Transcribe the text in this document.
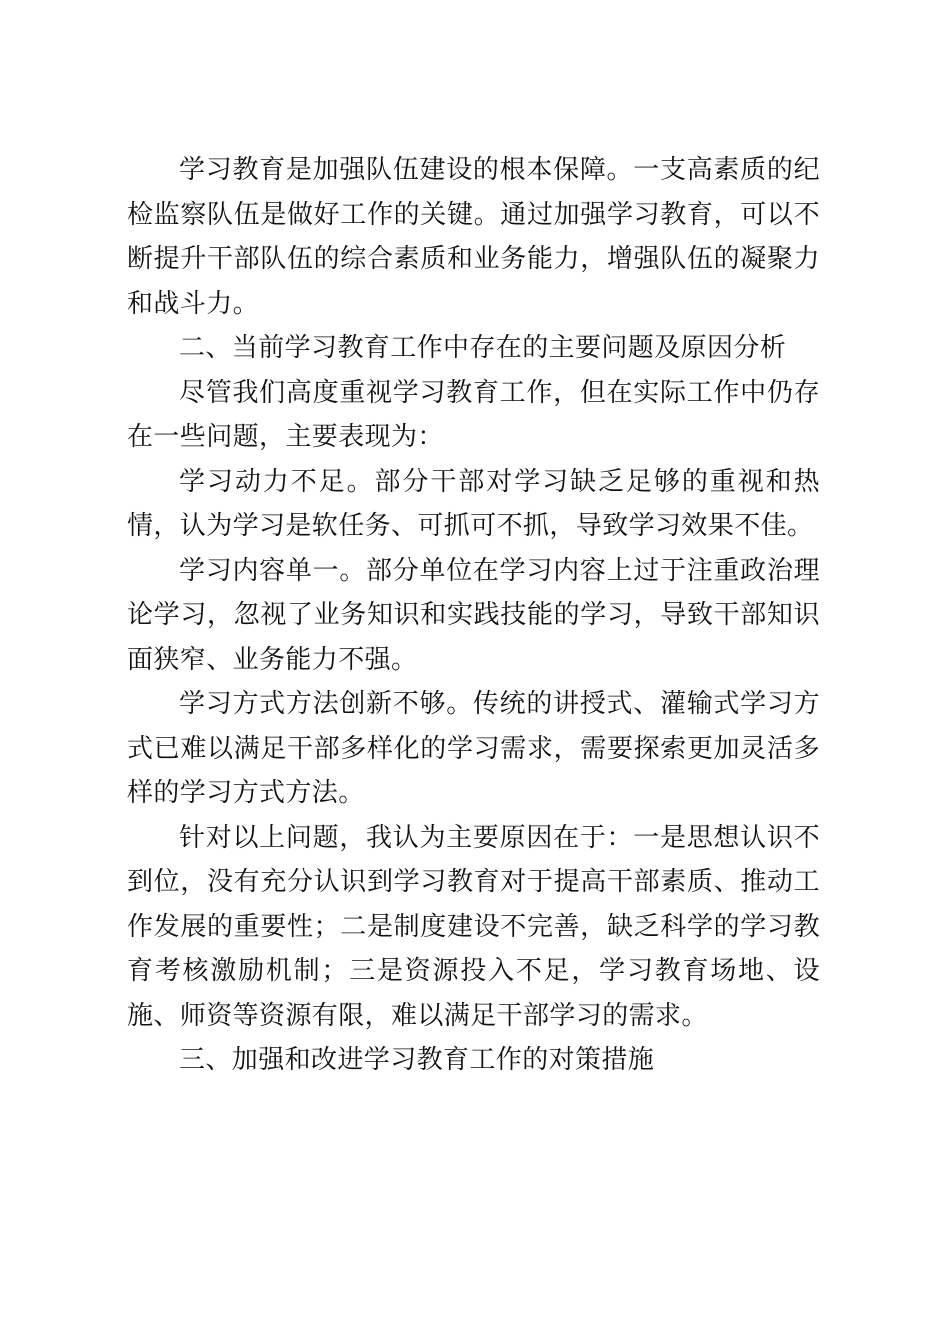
学习教育是加强队伍建设的根本保障。一支高素质的纪检监察队伍是做好工作的关键。通过加强学习教育，可以不断提升干部队伍的综合素质和业务能力，增强队伍的凝聚力和战斗力。

二、当前学习教育工作中存在的主要问题及原因分析

尽管我们高度重视学习教育工作，但在实际工作中仍存在一些问题，主要表现为：

学习动力不足。部分干部对学习缺乏足够的重视和热情，认为学习是软任务、可抓可不抓，导致学习效果不佳。

学习内容单一。部分单位在学习内容上过于注重政治理论学习，忽视了业务知识和实践技能的学习，导致干部知识面狭窄、业务能力不强。

学习方式方法创新不够。传统的讲授式、灌输式学习方式已难以满足干部多样化的学习需求，需要探索更加灵活多样的学习方式方法。

针对以上问题，我认为主要原因在于：一是思想认识不到位，没有充分认识到学习教育对于提高干部素质、推动工作发展的重要性；二是制度建设不完善，缺乏科学的学习教育考核激励机制；三是资源投入不足，学习教育场地、设施、师资等资源有限，难以满足干部学习的需求。

三、加强和改进学习教育工作的对策措施
